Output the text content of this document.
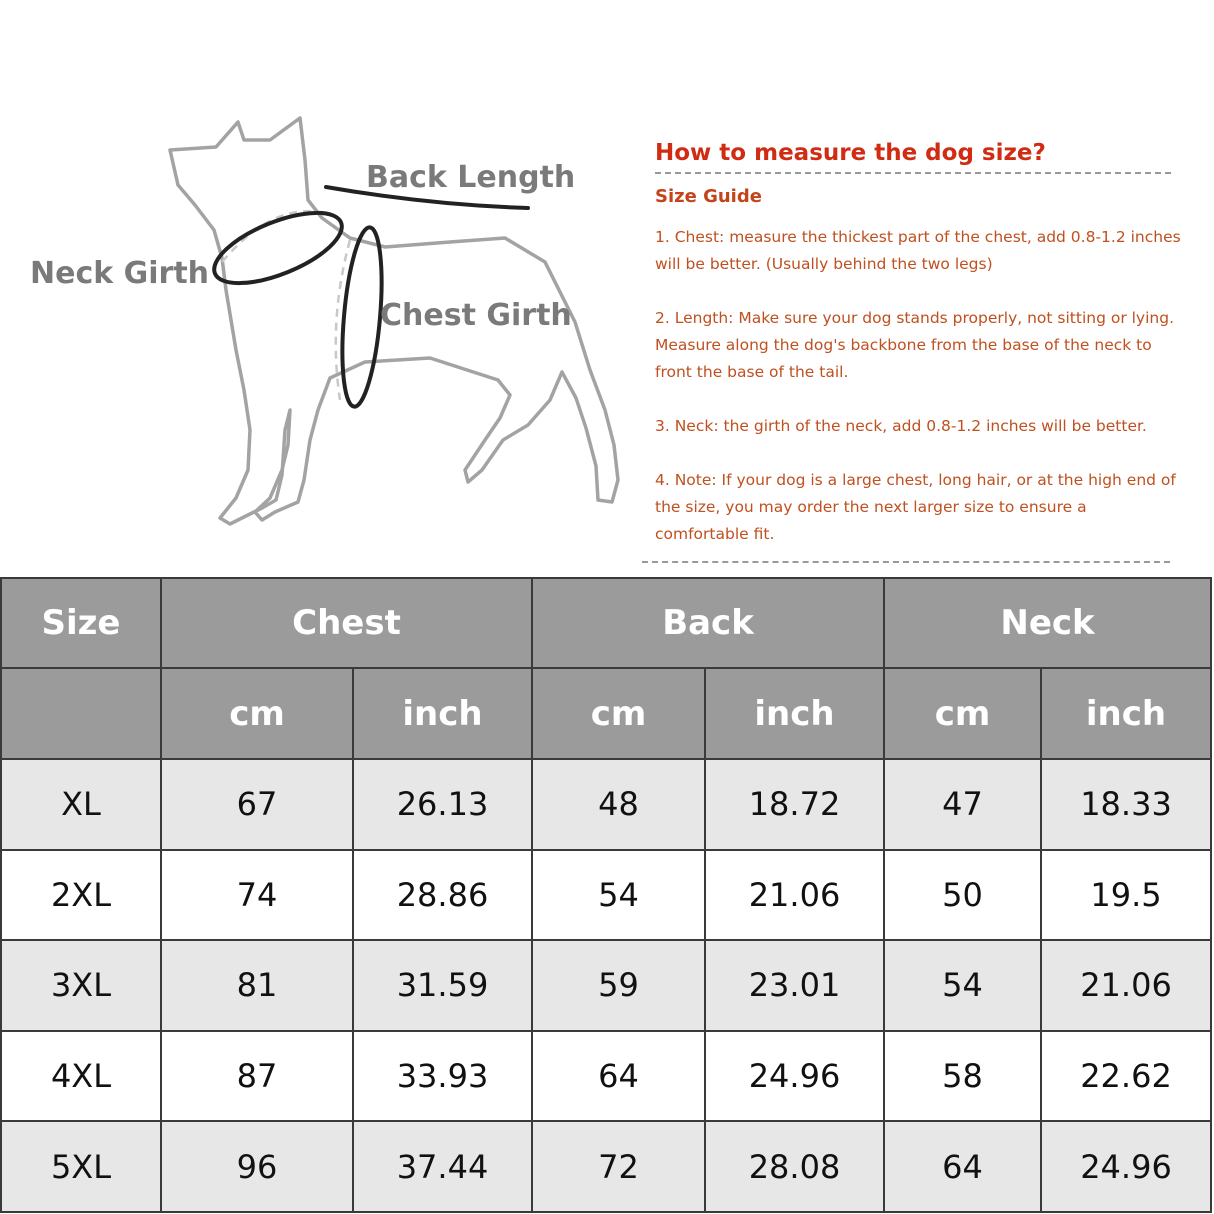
Back Length
Neck Girth
Chest Girth
How to measure the dog size?
Size Guide
1. Chest: measure the thickest part of the chest, add 0.8-1.2 inches will be better. (Usually behind the two legs)
2. Length: Make sure your dog stands properly, not sitting or lying. Measure along the dog's backbone from the base of the neck to front the base of the tail.
3. Neck: the girth of the neck, add 0.8-1.2 inches will be better.
4. Note: If your dog is a large chest, long hair, or at the high end of the size, you may order the next larger size to ensure a comfortable fit.
Size	Chest		Back		Neck	
	cm	inch	cm	inch	cm	inch
XL	67	26.13	48	18.72	47	18.33
2XL	74	28.86	54	21.06	50	19.5
3XL	81	31.59	59	23.01	54	21.06
4XL	87	33.93	64	24.96	58	22.62
5XL	96	37.44	72	28.08	64	24.96
